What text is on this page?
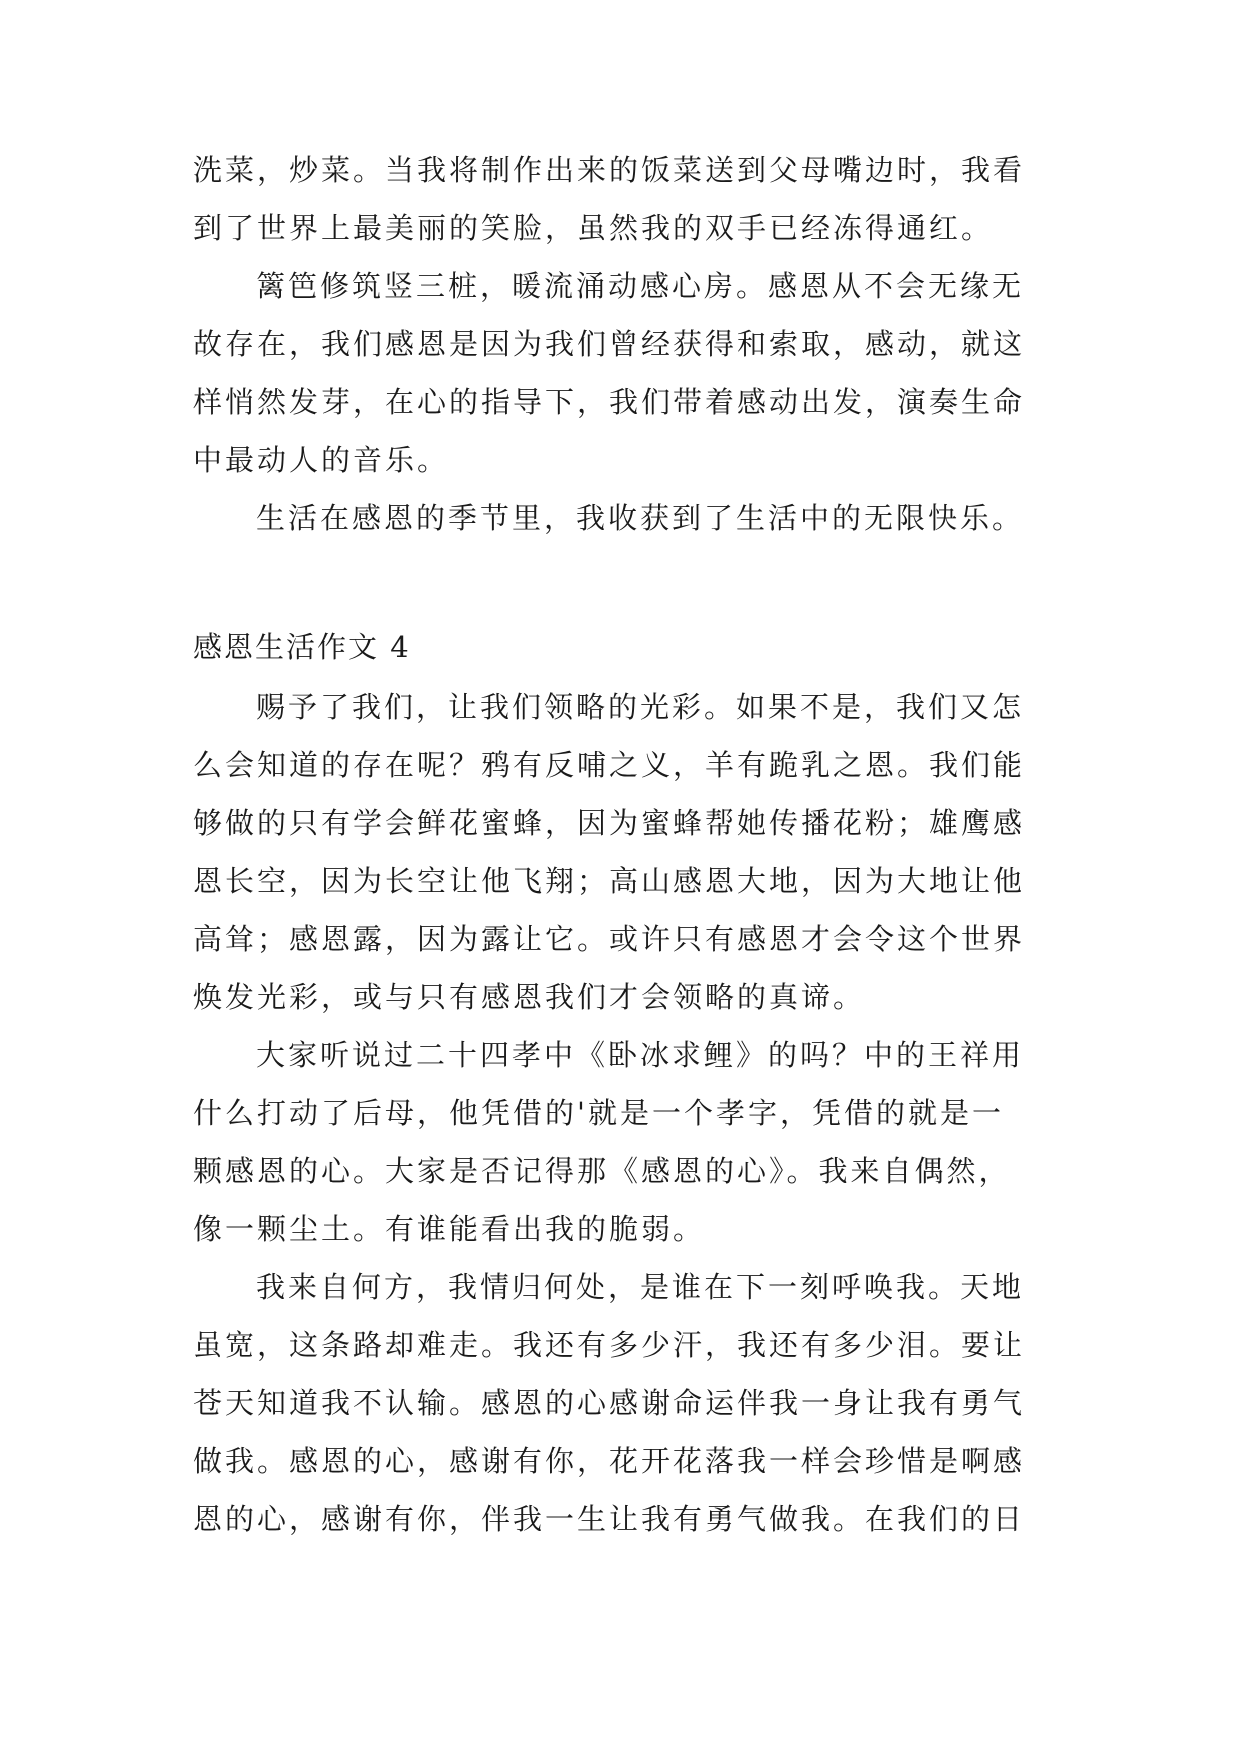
洗菜，炒菜。当我将制作出来的饭菜送到父母嘴边时，我看
到了世界上最美丽的笑脸，虽然我的双手已经冻得通红。
篱笆修筑竖三桩，暖流涌动感心房。感恩从不会无缘无
故存在，我们感恩是因为我们曾经获得和索取，感动，就这
样悄然发芽，在心的指导下，我们带着感动出发，演奏生命
中最动人的音乐。
生活在感恩的季节里，我收获到了生活中的无限快乐。
感恩生活作文 4
赐予了我们，让我们领略的光彩。如果不是，我们又怎
么会知道的存在呢？鸦有反哺之义，羊有跪乳之恩。我们能
够做的只有学会鲜花蜜蜂，因为蜜蜂帮她传播花粉；雄鹰感
恩长空，因为长空让他飞翔；高山感恩大地，因为大地让他
高耸；感恩露，因为露让它。或许只有感恩才会令这个世界
焕发光彩，或与只有感恩我们才会领略的真谛。
大家听说过二十四孝中《卧冰求鲤》的吗？中的王祥用
什么打动了后母，他凭借的'就是一个孝字，凭借的就是一
颗感恩的心。大家是否记得那《感恩的心》。我来自偶然，
像一颗尘土。有谁能看出我的脆弱。
我来自何方，我情归何处，是谁在下一刻呼唤我。天地
虽宽，这条路却难走。我还有多少汗，我还有多少泪。要让
苍天知道我不认输。感恩的心感谢命运伴我一身让我有勇气
做我。感恩的心，感谢有你，花开花落我一样会珍惜是啊感
恩的心，感谢有你，伴我一生让我有勇气做我。在我们的日
